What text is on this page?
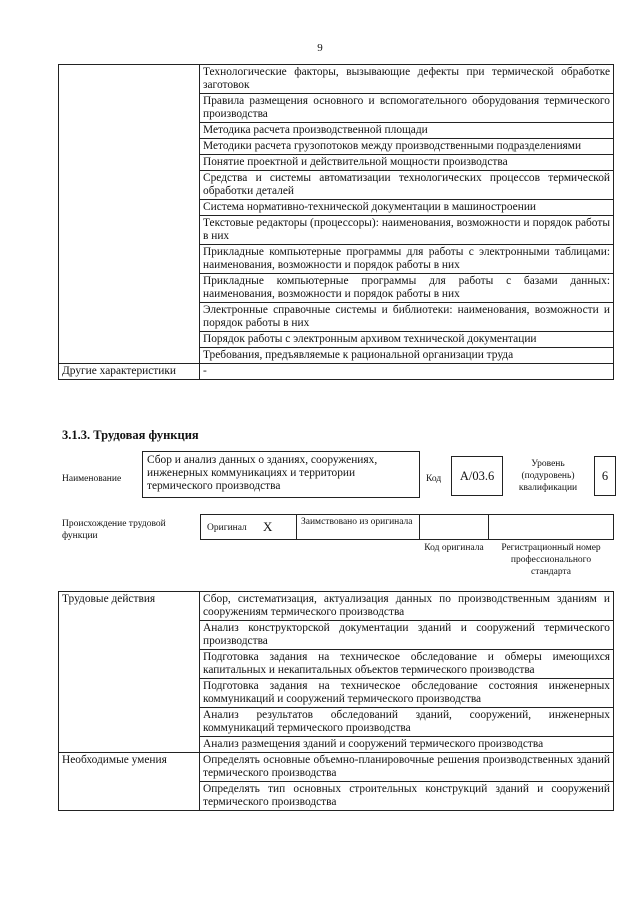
9
	Технологические факторы, вызывающие дефекты при термической обработке заготовок
	Правила размещения основного и вспомогательного оборудования термического производства
	Методика расчета производственной площади
	Методики расчета грузопотоков между производственными подразделениями
	Понятие проектной и действительной мощности производства
	Средства и системы автоматизации технологических процессов термической обработки деталей
	Система нормативно-технической документации в машиностроении
	Текстовые редакторы (процессоры): наименования, возможности и порядок работы в них
	Прикладные компьютерные программы для работы с электронными таблицами: наименования, возможности и порядок работы в них
	Прикладные компьютерные программы для работы с базами данных: наименования, возможности и порядок работы в них
	Электронные справочные системы и библиотеки: наименования, возможности и порядок работы в них
	Порядок работы с электронным архивом технической документации
	Требования, предъявляемые к рациональной организации труда
Другие характеристики	-
3.1.3. Трудовая функция
Наименование
Сбор и анализ данных о зданиях, сооружениях, инженерных коммуникациях и территории термического производства
Код	А/03.6
Уровень (подуровень) квалификации
6
Происхождение трудовой функции
Оригинал X	Заимствовано из оригинала
Код оригинала	Регистрационный номер профессионального стандарта
Трудовые действия	Сбор, систематизация, актуализация данных по производственным зданиям и сооружениям термического производства
	Анализ конструкторской документации зданий и сооружений термического производства
	Подготовка задания на техническое обследование и обмеры имеющихся капитальных и некапитальных объектов термического производства
	Подготовка задания на техническое обследование состояния инженерных коммуникаций и сооружений термического производства
	Анализ результатов обследований зданий, сооружений, инженерных коммуникаций термического производства
	Анализ размещения зданий и сооружений термического производства
Необходимые умения	Определять основные объемно-планировочные решения производственных зданий термического производства
	Определять тип основных строительных конструкций зданий и сооружений термического производства
